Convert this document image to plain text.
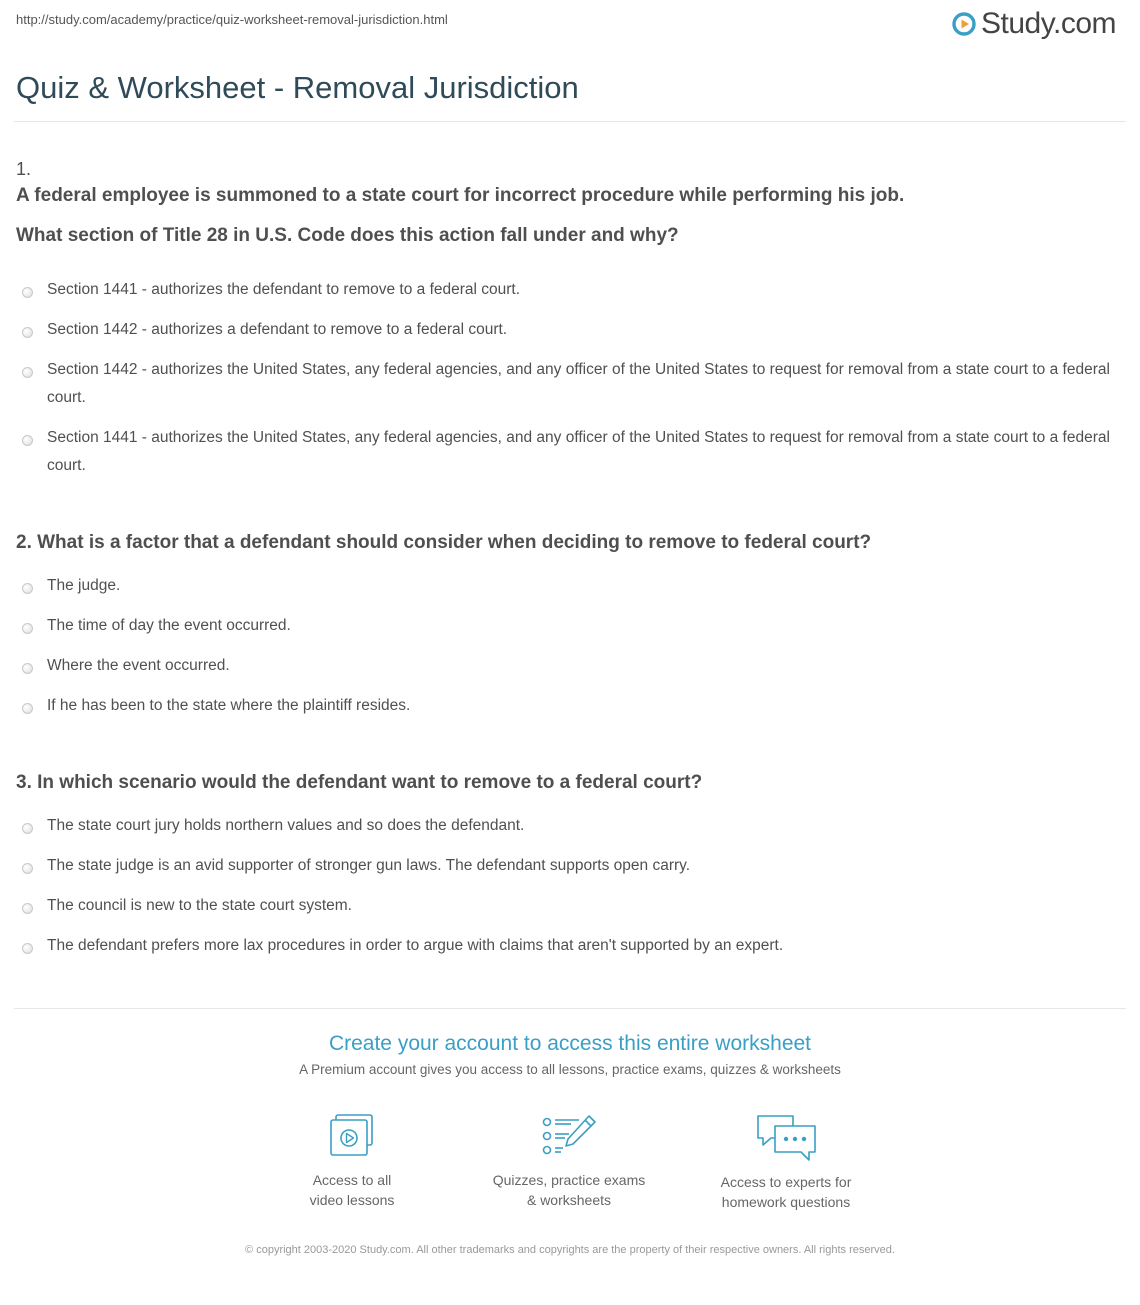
http://study.com/academy/practice/quiz-worksheet-removal-jurisdiction.html	Study.com
Quiz & Worksheet - Removal Jurisdiction
1.

A federal employee is summoned to a state court for incorrect procedure while performing his job.

What section of Title 28 in U.S. Code does this action fall under and why?

Section 1441 - authorizes the defendant to remove to a federal court.
Section 1442 - authorizes a defendant to remove to a federal court.
Section 1442 - authorizes the United States, any federal agencies, and any officer of the United States to request for removal from a state court to a federal court.
Section 1441 - authorizes the United States, any federal agencies, and any officer of the United States to request for removal from a state court to a federal court.

2. What is a factor that a defendant should consider when deciding to remove to federal court?

The judge.
The time of day the event occurred.
Where the event occurred.
If he has been to the state where the plaintiff resides.

3. In which scenario would the defendant want to remove to a federal court?

The state court jury holds northern values and so does the defendant.
The state judge is an avid supporter of stronger gun laws. The defendant supports open carry.
The council is new to the state court system.
The defendant prefers more lax procedures in order to argue with claims that aren't supported by an expert.
Create your account to access this entire worksheet
A Premium account gives you access to all lessons, practice exams, quizzes & worksheets
Access to all
video lessons
Quizzes, practice exams
& worksheets
Access to experts for
homework questions
© copyright 2003-2020 Study.com. All other trademarks and copyrights are the property of their respective owners. All rights reserved.
